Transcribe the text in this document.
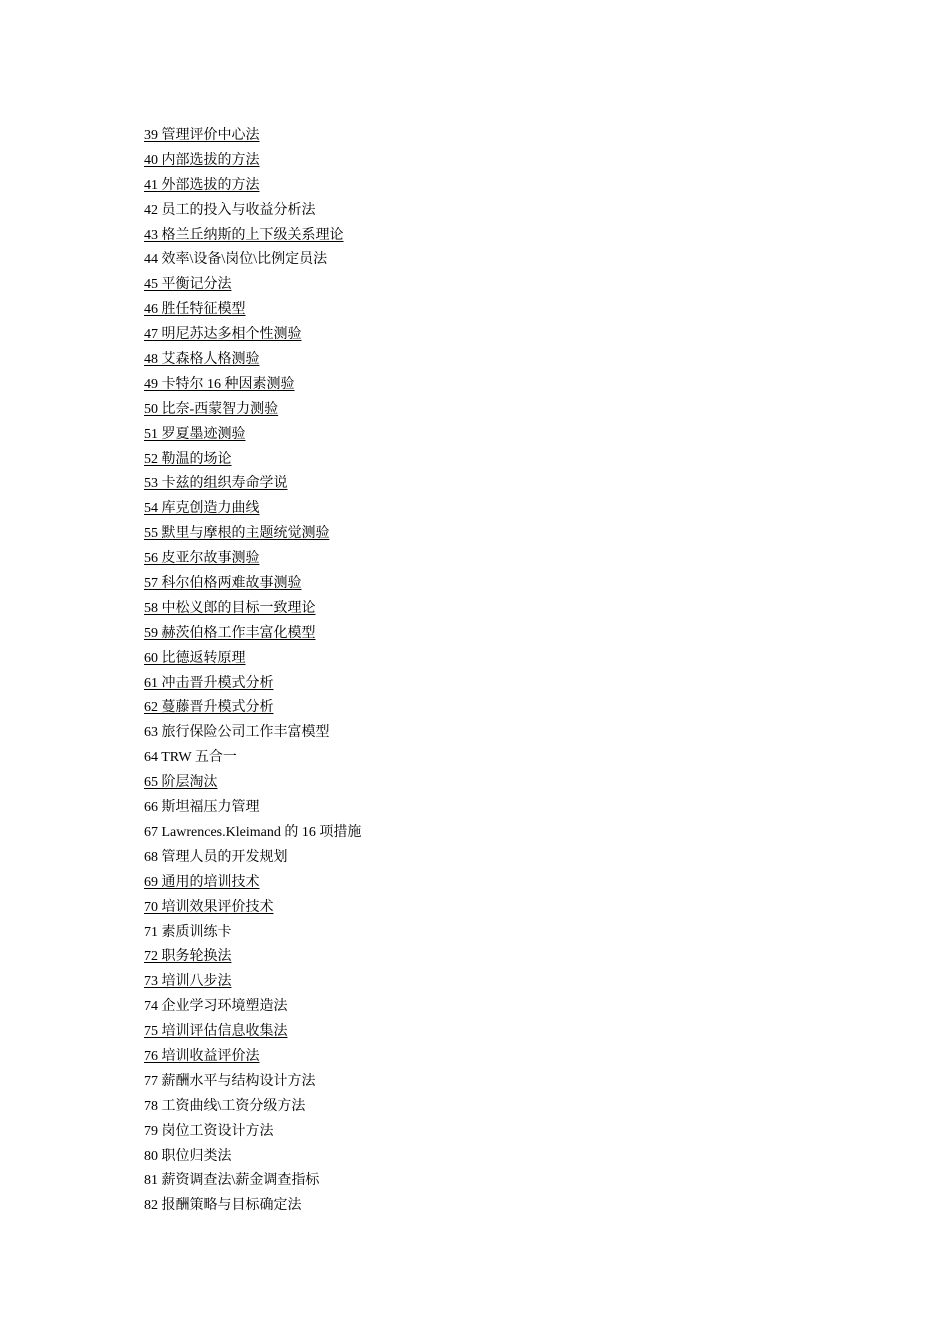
39 管理评价中心法
40 内部选拔的方法
41 外部选拔的方法
42 员工的投入与收益分析法
43 格兰丘纳斯的上下级关系理论
44 效率\设备\岗位\比例定员法
45 平衡记分法
46 胜任特征模型
47 明尼苏达多相个性测验
48 艾森格人格测验
49 卡特尔 16 种因素测验
50 比奈-西蒙智力测验
51 罗夏墨迹测验
52 勒温的场论
53 卡兹的组织寿命学说
54 库克创造力曲线
55 默里与摩根的主题统觉测验
56 皮亚尔故事测验
57 科尔伯格两难故事测验
58 中松义郎的目标一致理论
59 赫茨伯格工作丰富化模型
60 比德返转原理
61 冲击晋升模式分析
62 蔓藤晋升模式分析
63 旅行保险公司工作丰富模型
64 TRW 五合一
65 阶层淘汰
66 斯坦福压力管理
67 Lawrences.Kleimand 的 16 项措施
68 管理人员的开发规划
69 通用的培训技术
70 培训效果评价技术
71 素质训练卡
72 职务轮换法
73 培训八步法
74 企业学习环境塑造法
75 培训评估信息收集法
76 培训收益评价法
77 薪酬水平与结构设计方法
78 工资曲线\工资分级方法
79 岗位工资设计方法
80 职位归类法
81 薪资调查法\薪金调查指标
82 报酬策略与目标确定法
